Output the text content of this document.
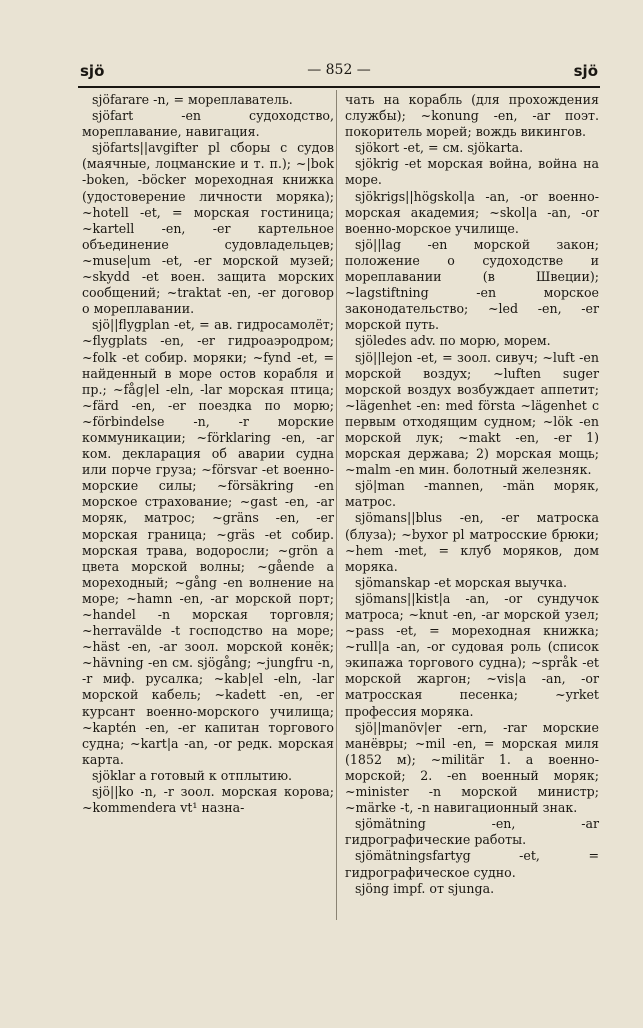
sjö	— 852 —	sjö

sjöfarare -n, = мореплаватель.

sjöfart -en судоходство, мореплавание, навигация.

sjöfarts||avgifter pl сборы с судов (маячные, лоцманские и т. п.); ~|bok -boken, -böcker мореходная книжка (удостоверение личности моряка); ~hotell -et, = морская гостиница; ~kartell -en, -er картельное объединение судовладельцев; ~muse|um -et, -er морской музей; ~skydd -et воен. защита морских сообщений; ~traktat -en, -er договор о мореплавании.

sjö||flygplan -et, = ав. гидросамолёт; ~flygplats -en, -er гидроаэродром; ~folk -et собир. моряки; ~fynd -et, = найденный в море остов корабля и пр.; ~fåg|el -eln, -lar морская птица; ~färd -en, -er поездка по морю; ~förbindelse -n, -r морские коммуникации; ~förklaring -en, -ar ком. декларация об аварии судна или порче груза; ~försvar -et военно-морские силы; ~försäkring -en морское страхование; ~gast -en, -ar моряк, матрос; ~gräns -en, -er морская граница; ~gräs -et собир. морская трава, водоросли; ~grön а цвета морской волны; ~gående а мореходный; ~gång -en волнение на море; ~hamn -en, -ar морской порт; ~handel -n морская торговля; ~herravälde -t господство на море; ~häst -en, -ar зоол. морской конёк; ~hävning -en см. sjögång; ~jungfru -n, -r миф. русалка; ~kab|el -eln, -lar морской кабель; ~kadett -en, -er курсант военно-морского училища; ~kaptén -en, -er капитан торгового судна; ~kart|a -an, -or редк. морская карта.

sjöklar а готовый к отплытию.

sjö||ko -n, -r зоол. морская корова; ~kommendera vt¹ назна-

чать на корабль (для прохождения службы); ~konung -en, -ar поэт. покоритель морей; вождь викингов.

sjökort -et, = см. sjökarta.

sjökrig -et морская война, война на море.

sjökrigs||högskol|a -an, -or военно-морская академия; ~skol|a -an, -or военно-морское училище.

sjö||lag -en морской закон; положение о судоходстве и мореплавании (в Швеции); ~lagstiftning -en морское законодательство; ~led -en, -er морской путь.

sjöledes adv. по морю, морем.

sjö||lejon -et, = зоол. сивуч; ~luft -en морской воздух; ~luften suger морской воздух возбуждает аппетит; ~lägenhet -en: med första ~lägenhet с первым отходящим судном; ~lök -en морской лук; ~makt -en, -er 1) морская держава; 2) морская мощь; ~malm -en мин. болотный железняк.

sjö|man -mannen, -män моряк, матрос.

sjömans||blus -en, -er матроска (блуза); ~byxor pl матросские брюки; ~hem -met, = клуб моряков, дом моряка.

sjömanskap -et морская выучка.

sjömans||kist|a -an, -or сундучок матроса; ~knut -en, -ar морской узел; ~pass -et, = мореходная книжка; ~rull|a -an, -or судовая роль (список экипажа торгового судна); ~språk -et морской жаргон; ~vis|a -an, -or матросская песенка; ~yrket профессия моряка.

sjö||manöv|er -ern, -rar морские манёвры; ~mil -en, = морская миля (1852 м); ~militär 1. а военно-морской; 2. -en военный моряк; ~minister -n морской министр; ~märke -t, -n навигационный знак.

sjömätning -en, -ar гидрографические работы.

sjömätningsfartyg -et, = гидрографическое судно.

sjöng impf. от sjunga.
